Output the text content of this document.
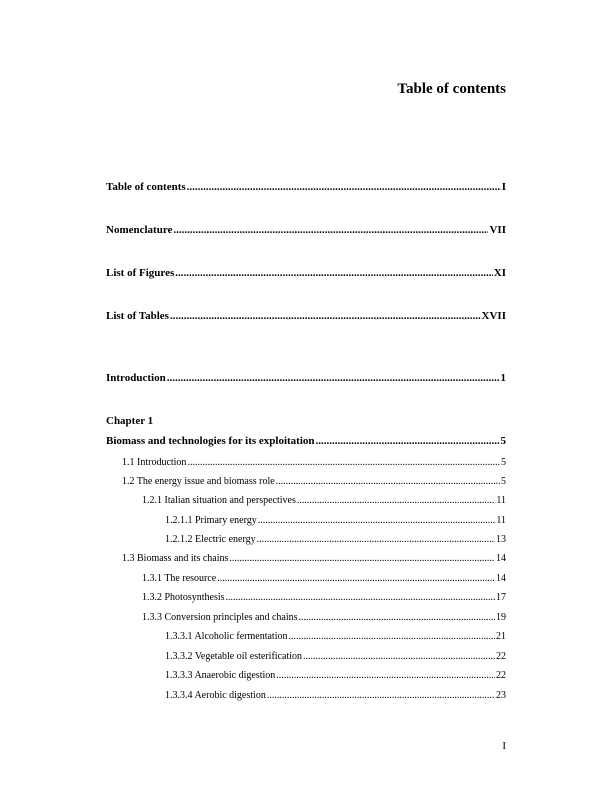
Table of contents
Table of contents .....	I
Nomenclature .....	VII
List of Figures .....	XI
List of Tables .....	XVII
Introduction .....	1
Chapter 1
Biomass and technologies for its exploitation .....	5
1.1 Introduction .....	5
1.2 The energy issue and biomass role .....	5
1.2.1 Italian situation and perspectives .....	11
1.2.1.1 Primary energy .....	11
1.2.1.2 Electric energy .....	13
1.3 Biomass and its chains .....	14
1.3.1 The resource .....	14
1.3.2 Photosynthesis .....	17
1.3.3 Conversion principles and chains .....	19
1.3.3.1 Alcoholic fermentation .....	21
1.3.3.2 Vegetable oil esterification .....	22
1.3.3.3 Anaerobic digestion .....	22
1.3.3.4 Aerobic digestion .....	23
I
